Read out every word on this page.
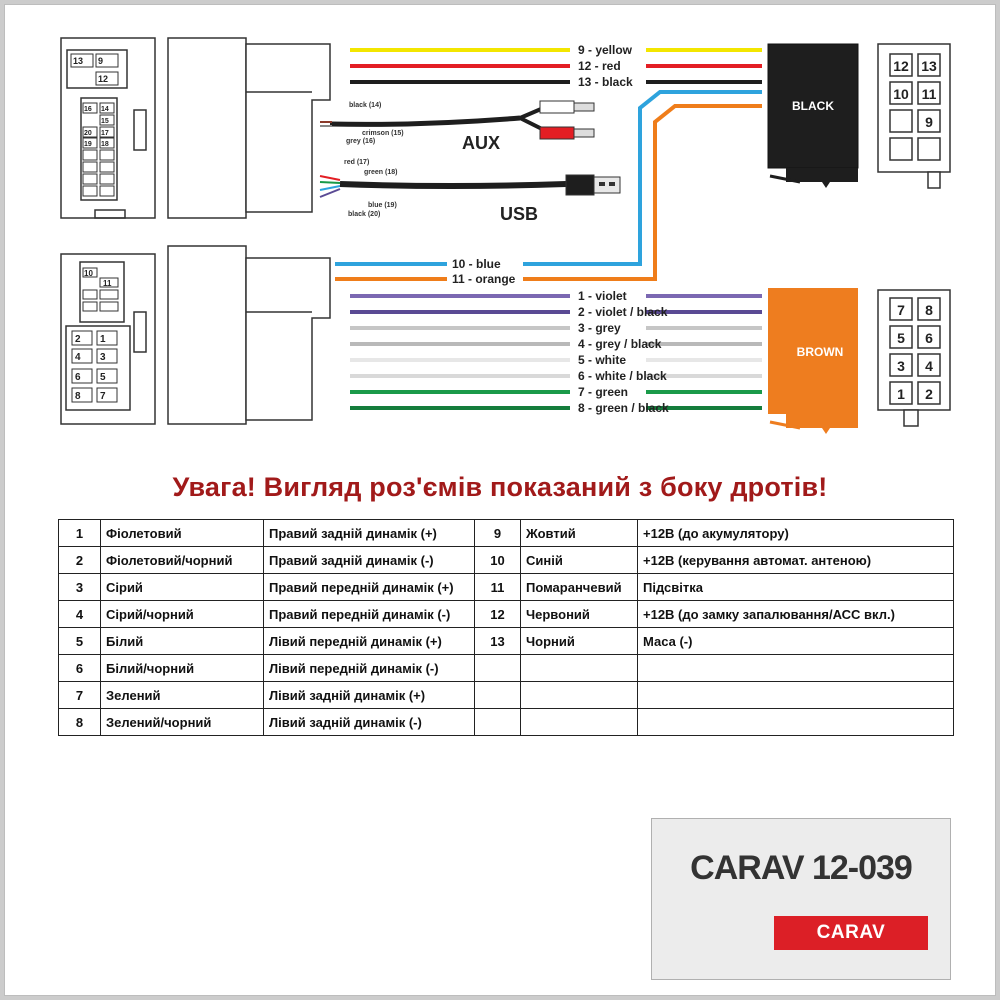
13 9
12
16 14
15
20 17
19 18
10
11
2 1
4 3
6 5
8 7
black (14)
crimson (15)
grey (16)	AUX
red (17)
green (18)
blue (19)
black (20)	USB
9 - yellow
12 - red
13 - black
10 - blue
11 - orange
1 - violet
2 - violet / black
3 - grey
4 - grey / black
5 - white
6 - white / black
7 - green
8 - green / black
BLACK
12 13
10 11
9
BROWN
7 8
5 6
3 4
1 2
Увага! Вигляд роз'ємів показаний з боку дротів!
1	Фіолетовий	Правий задній динамік (+)	9	Жовтий	+12В (до акумулятору)
2	Фіолетовий/чорний	Правий задній динамік (-)	10	Синій	+12В (керування автомат. антеною)
3	Сірий	Правий передній динамік (+)	11	Помаранчевий	Підсвітка
4	Сірий/чорний	Правий передній динамік (-)	12	Червоний	+12В (до замку запалювання/АСС вкл.)
5	Білий	Лівий передній динамік (+)	13	Чорний	Маса (-)
6	Білий/чорний	Лівий передній динамік (-)			
7	Зелений	Лівий задній динамік (+)			
8	Зелений/чорний	Лівий задній динамік (-)			
CARAV 12-039
CARAV
